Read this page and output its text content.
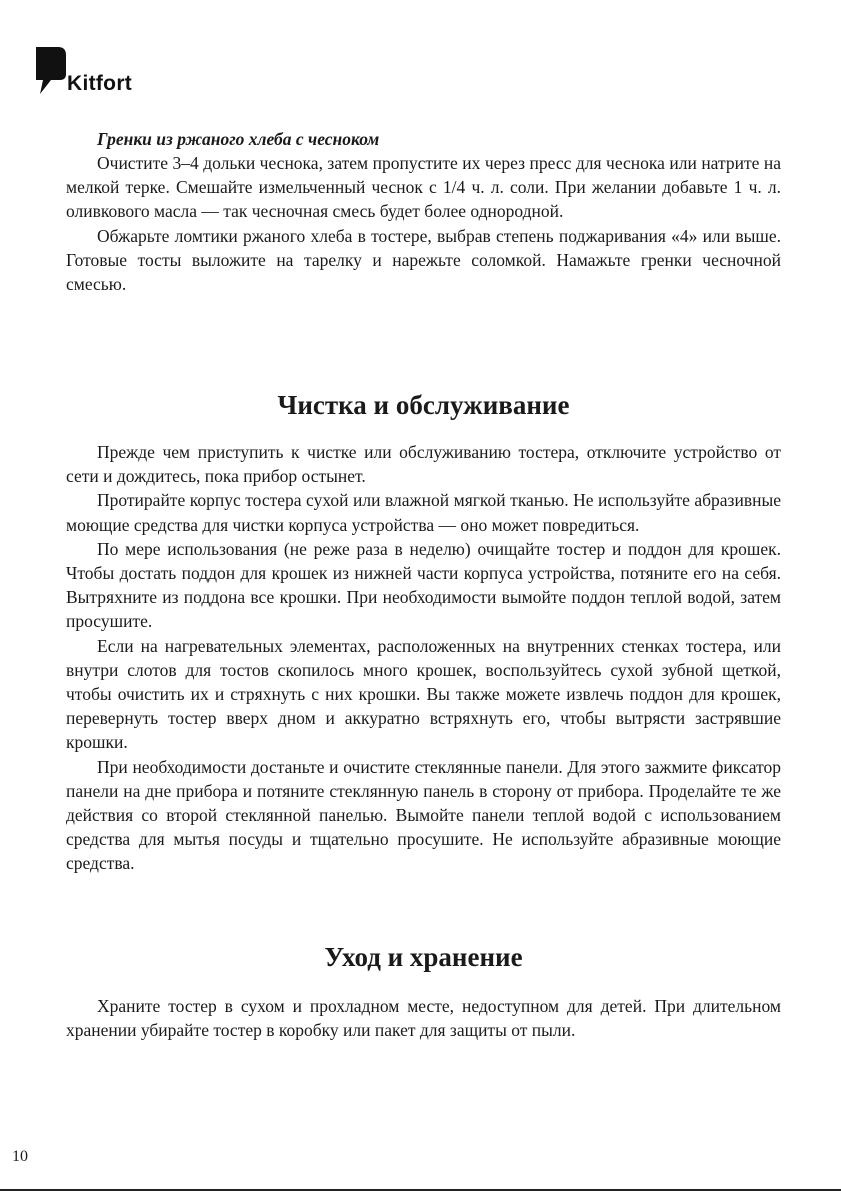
Kitfort
Гренки из ржаного хлеба с чесноком

Очистите 3–4 дольки чеснока, затем пропустите их через пресс для чеснока или натрите на мелкой терке. Смешайте измельченный чеснок с 1/4 ч. л. соли. При желании добавьте 1 ч. л. оливкового масла — так чесночная смесь будет более однородной.

Обжарьте ломтики ржаного хлеба в тостере, выбрав степень поджаривания «4» или выше. Готовые тосты выложите на тарелку и нарежьте соломкой. Намажьте гренки чесночной смесью.

Чистка и обслуживание

Прежде чем приступить к чистке или обслуживанию тостера, отключите устройство от сети и дождитесь, пока прибор остынет.

Протирайте корпус тостера сухой или влажной мягкой тканью. Не используйте абразивные моющие средства для чистки корпуса устройства — оно может повредиться.

По мере использования (не реже раза в неделю) очищайте тостер и поддон для крошек. Чтобы достать поддон для крошек из нижней части корпуса устройства, потяните его на себя. Вытряхните из поддона все крошки. При необходимости вымойте поддон теплой водой, затем просушите.

Если на нагревательных элементах, расположенных на внутренних стенках тостера, или внутри слотов для тостов скопилось много крошек, воспользуйтесь сухой зубной щеткой, чтобы очистить их и стряхнуть с них крошки. Вы также можете извлечь поддон для крошек, перевернуть тостер вверх дном и аккуратно встряхнуть его, чтобы вытрясти застрявшие крошки.

При необходимости достаньте и очистите стеклянные панели. Для этого зажмите фиксатор панели на дне прибора и потяните стеклянную панель в сторону от прибора. Проделайте те же действия со второй стеклянной панелью. Вымойте панели теплой водой с использованием средства для мытья посуды и тщательно просушите. Не используйте абразивные моющие средства.

Уход и хранение

Храните тостер в сухом и прохладном месте, недоступном для детей. При длительном хранении убирайте тостер в коробку или пакет для защиты от пыли.

10
